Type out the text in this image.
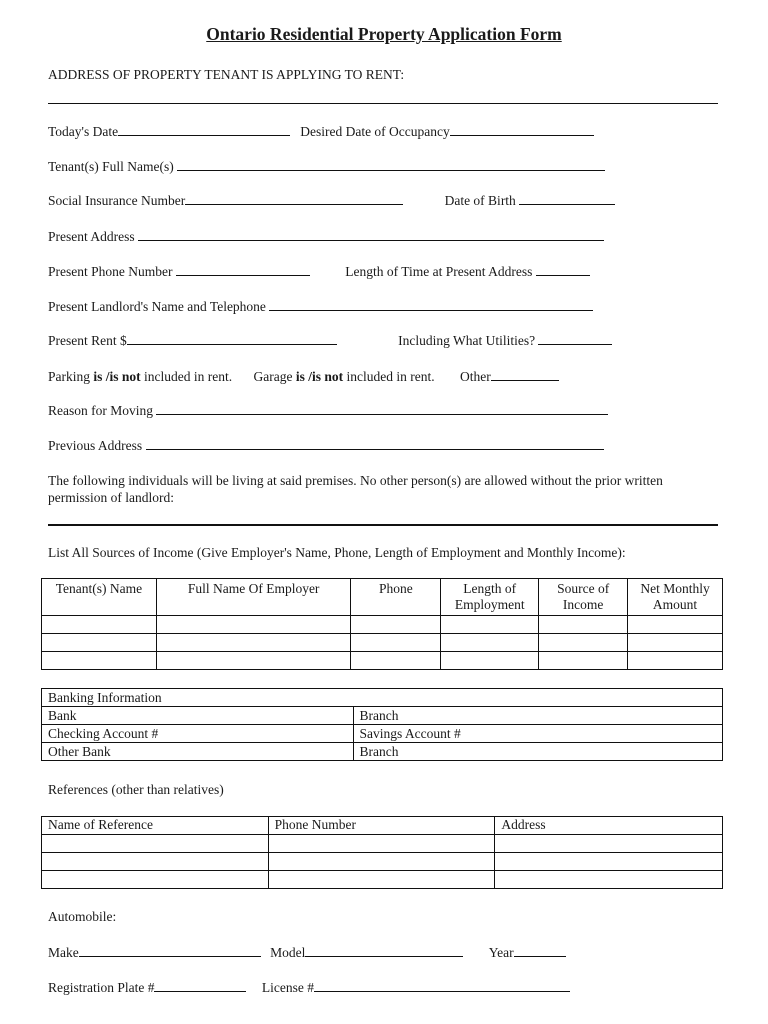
Ontario Residential Property Application Form
ADDRESS OF PROPERTY TENANT IS APPLYING TO RENT:
Today's Date	Desired Date of Occupancy
Tenant(s) Full Name(s)
Social Insurance Number	Date of Birth
Present Address
Present Phone Number	Length of Time at Present Address
Present Landlord's Name and Telephone
Present Rent $	Including What Utilities?
Parking is /is not included in rent. Garage is /is not included in rent. Other
Reason for Moving
Previous Address
The following individuals will be living at said premises. No other person(s) are allowed without the prior written permission of landlord:
List All Sources of Income (Give Employer's Name, Phone, Length of Employment and Monthly Income):
Tenant(s) Name	Full Name Of Employer	Phone	Length of Employment	Source of Income	Net Monthly Amount

Banking Information	
Bank	Branch
Checking Account #	Savings Account #
Other Bank	Branch
References (other than relatives)
Name of Reference	Phone Number	Address

Automobile:
Make	Model	Year
Registration Plate #	License #
